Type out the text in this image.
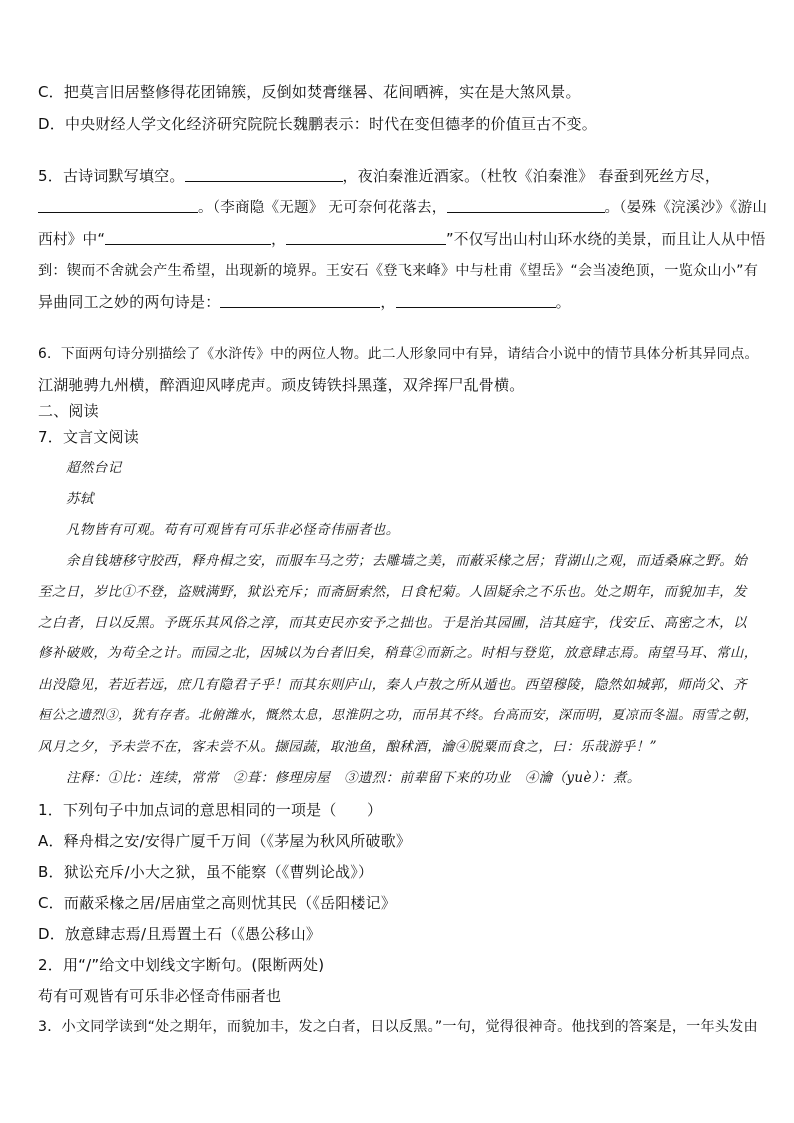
C．把莫言旧居整修得花团锦簇，反倒如焚膏继晷、花间晒裤，实在是大煞风景。
D．中央财经人学文化经济研究院院长魏鹏表示：时代在变但德孝的价值亘古不变。
5．古诗词默写填空。	，夜泊秦淮近酒家。（杜牧《泊秦淮》 春蚕到死丝方尽，
。（李商隐《无题》 无可奈何花落去，	。（晏殊《浣溪沙》《游山
西村》中“	，	”不仅写出山村山环水绕的美景，而且让人从中悟
到：锲而不舍就会产生希望，出现新的境界。王安石《登飞来峰》中与杜甫《望岳》“会当凌绝顶，一览众山小”有
异曲同工之妙的两句诗是：	，	。
6．下面两句诗分别描绘了《水浒传》中的两位人物。此二人形象同中有异，请结合小说中的情节具体分析其异同点。
江湖驰骋九州横，醉酒迎风哮虎声。顽皮铸铁抖黑蓬，双斧挥尸乱骨横。
二、阅读
7．文言文阅读
超然台记
苏轼
凡物皆有可观。苟有可观皆有可乐非必怪奇伟丽者也。
余自钱塘移守胶西，释舟楫之安，而服车马之劳；去雕墙之美，而蔽采椽之居；背湖山之观，而适桑麻之野。始
至之日，岁比①不登，盗贼满野，狱讼充斥；而斋厨索然，日食杞菊。人固疑余之不乐也。处之期年，而貌加丰，发
之白者，日以反黑。予既乐其风俗之淳，而其吏民亦安予之拙也。于是治其园圃，洁其庭宇，伐安丘、高密之木，以
修补破败，为苟全之计。而园之北，因城以为台者旧矣，稍葺②而新之。时相与登览，放意肆志焉。南望马耳、常山，
出没隐见，若近若远，庶几有隐君子乎！而其东则庐山，秦人卢敖之所从遁也。西望穆陵，隐然如城郭，师尚父、齐
桓公之遗烈③，犹有存者。北俯潍水，慨然太息，思淮阴之功，而吊其不终。台高而安，深而明，夏凉而冬温。雨雪之朝，
风月之夕，予未尝不在，客未尝不从。撷园蔬，取池鱼，酿秫酒，瀹④脱粟而食之，曰：乐哉游乎！”
注释：①比：连续，常常　②葺：修理房屋　③遗烈：前辈留下来的功业　④瀹（yuè）：煮。
1．下列句子中加点词的意思相同的一项是（　　）
A．释舟楫之安/安得广厦千万间（《茅屋为秋风所破歌》
B．狱讼充斥/小大之狱，虽不能察（《曹刿论战》）
C．而蔽采椽之居/居庙堂之高则忧其民（《岳阳楼记》
D．放意肆志焉/且焉置土石（《愚公移山》
2．用“/”给文中划线文字断句。(限断两处)
苟有可观皆有可乐非必怪奇伟丽者也
3．小文同学读到“处之期年，而貌加丰，发之白者，日以反黑。”一句，觉得很神奇。他找到的答案是，一年头发由
